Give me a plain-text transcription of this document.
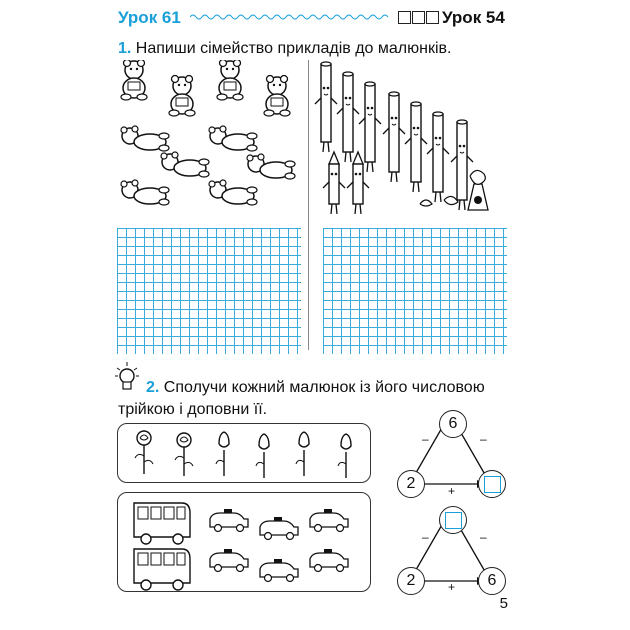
Урок 61	Урок 54
1. Напиши сімейство прикладів до малюнків.
2. Сполучи кожний малюнок із його числовою
трійкою і доповни її.
6
2
–	–
+
2	6
–	–
+
5
